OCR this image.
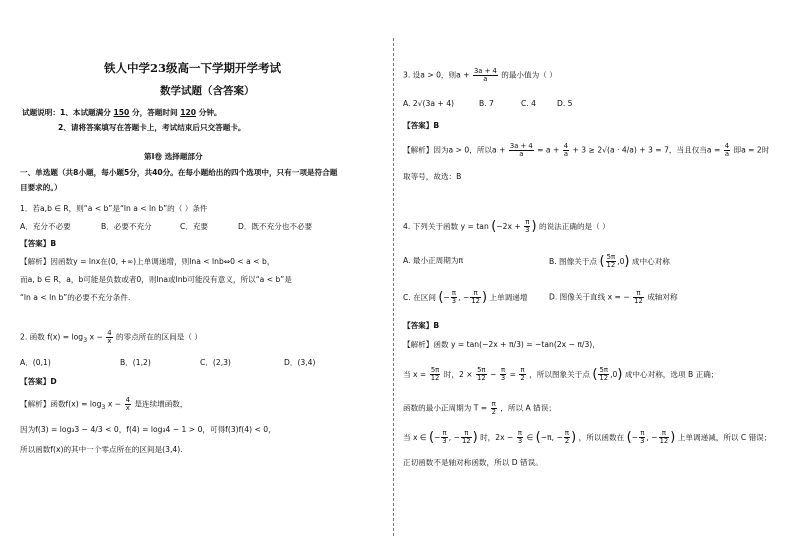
铁人中学23级高一下学期开学考试
数学试题（含答案）
试题说明：1、本试题满分 150 分，答题时间 120 分钟。
2、请将答案填写在答题卡上，考试结束后只交答题卡。
第Ⅰ卷 选择题部分
一、单选题（共8小题，每小题5分，共40分。在每小题给出的四个选项中，只有一项是符合题
目要求的。）
1．若a,b ∈ R，则“a < b”是“ln a < ln b”的（ ）条件
A．充分不必要	B．必要不充分	C．充要	D．既不充分也不必要
【答案】B
【解析】因函数y = lnx在(0, +∞)上单调递增，则lna < lnb⇔0 < a < b，
而a, b ∈ R，a，b可能是负数或者0，则lna或lnb可能没有意义，所以“a < b”是
“ln a < ln b”的必要不充分条件.
2. 函数 $f(x) = \log_3 x - \frac{4}{x}$ 的零点所在的区间是（ ）
A．(0,1)	B．(1,2)	C．(2,3)	D．(3,4)
【答案】D
【解析】函数$f(x) = \log_3 x - \frac{4}{x}$ 是连续增函数，
因为f(3) = log₃3 − 4/3 < 0，f(4) = log₃4 − 1 > 0，可得f(3)f(4) < 0，
所以函数f(x)的其中一个零点所在的区间是(3,4).
3. 设a > 0，则$a + \frac{3a + 4}{a}$ 的最小值为（ ）
A. 2√(3a + 4)	B. 7	C. 4	D. 5
【答案】B
【解析】因为a > 0，所以$a + \frac{3a + 4}{a} = a + \frac{4}{a} + 3 \ge 2√(a \cdot 4/a) + 3 = 7$，当且仅当$a = \frac{4}{a}$ 即a = 2时
取等号，故选：B
4. 下列关于函数 $y = \tan (-2x + \frac{\pi}{3}$ ) 的说法正确的是（ ）
A. 最小正周期为π	B. 图像关于点 ( $\frac{5\pi}{12} ,0$) 成中心对称
C. 在区间 (− $\frac{\pi}{3}$ , − $\frac{\pi}{12}$ ) 上单调递增	D. 图像关于直线 x = − $\frac{\pi}{12}$ 成轴对称
【答案】B
【解析】函数 y = tan(−2x + π/3) = −tan(2x − π/3)，
当 $x = \frac{5\pi}{12}$ 时，$2 \times \frac{5\pi}{12} - \frac{\pi}{3} = \frac{\pi}{2}$ ，所以图象关于点 ( $\frac{5\pi}{12} ,0$) 成中心对称，选项 B 正确；
函数的最小正周期为 $T = \frac{\pi}{2}$ ，所以 A 错误；
当 x ∈ (− $\frac{\pi}{3}$ , − $\frac{\pi}{12}$ ) 时，$2x - \frac{\pi}{3}$ ∈ (−π, − $\frac{\pi}{2}$ ) ，所以函数在 (− $\frac{\pi}{3}$ , − $\frac{\pi}{12}$ ) 上单调递减，所以 C 错误；
正切函数不是轴对称函数，所以 D 错误。
